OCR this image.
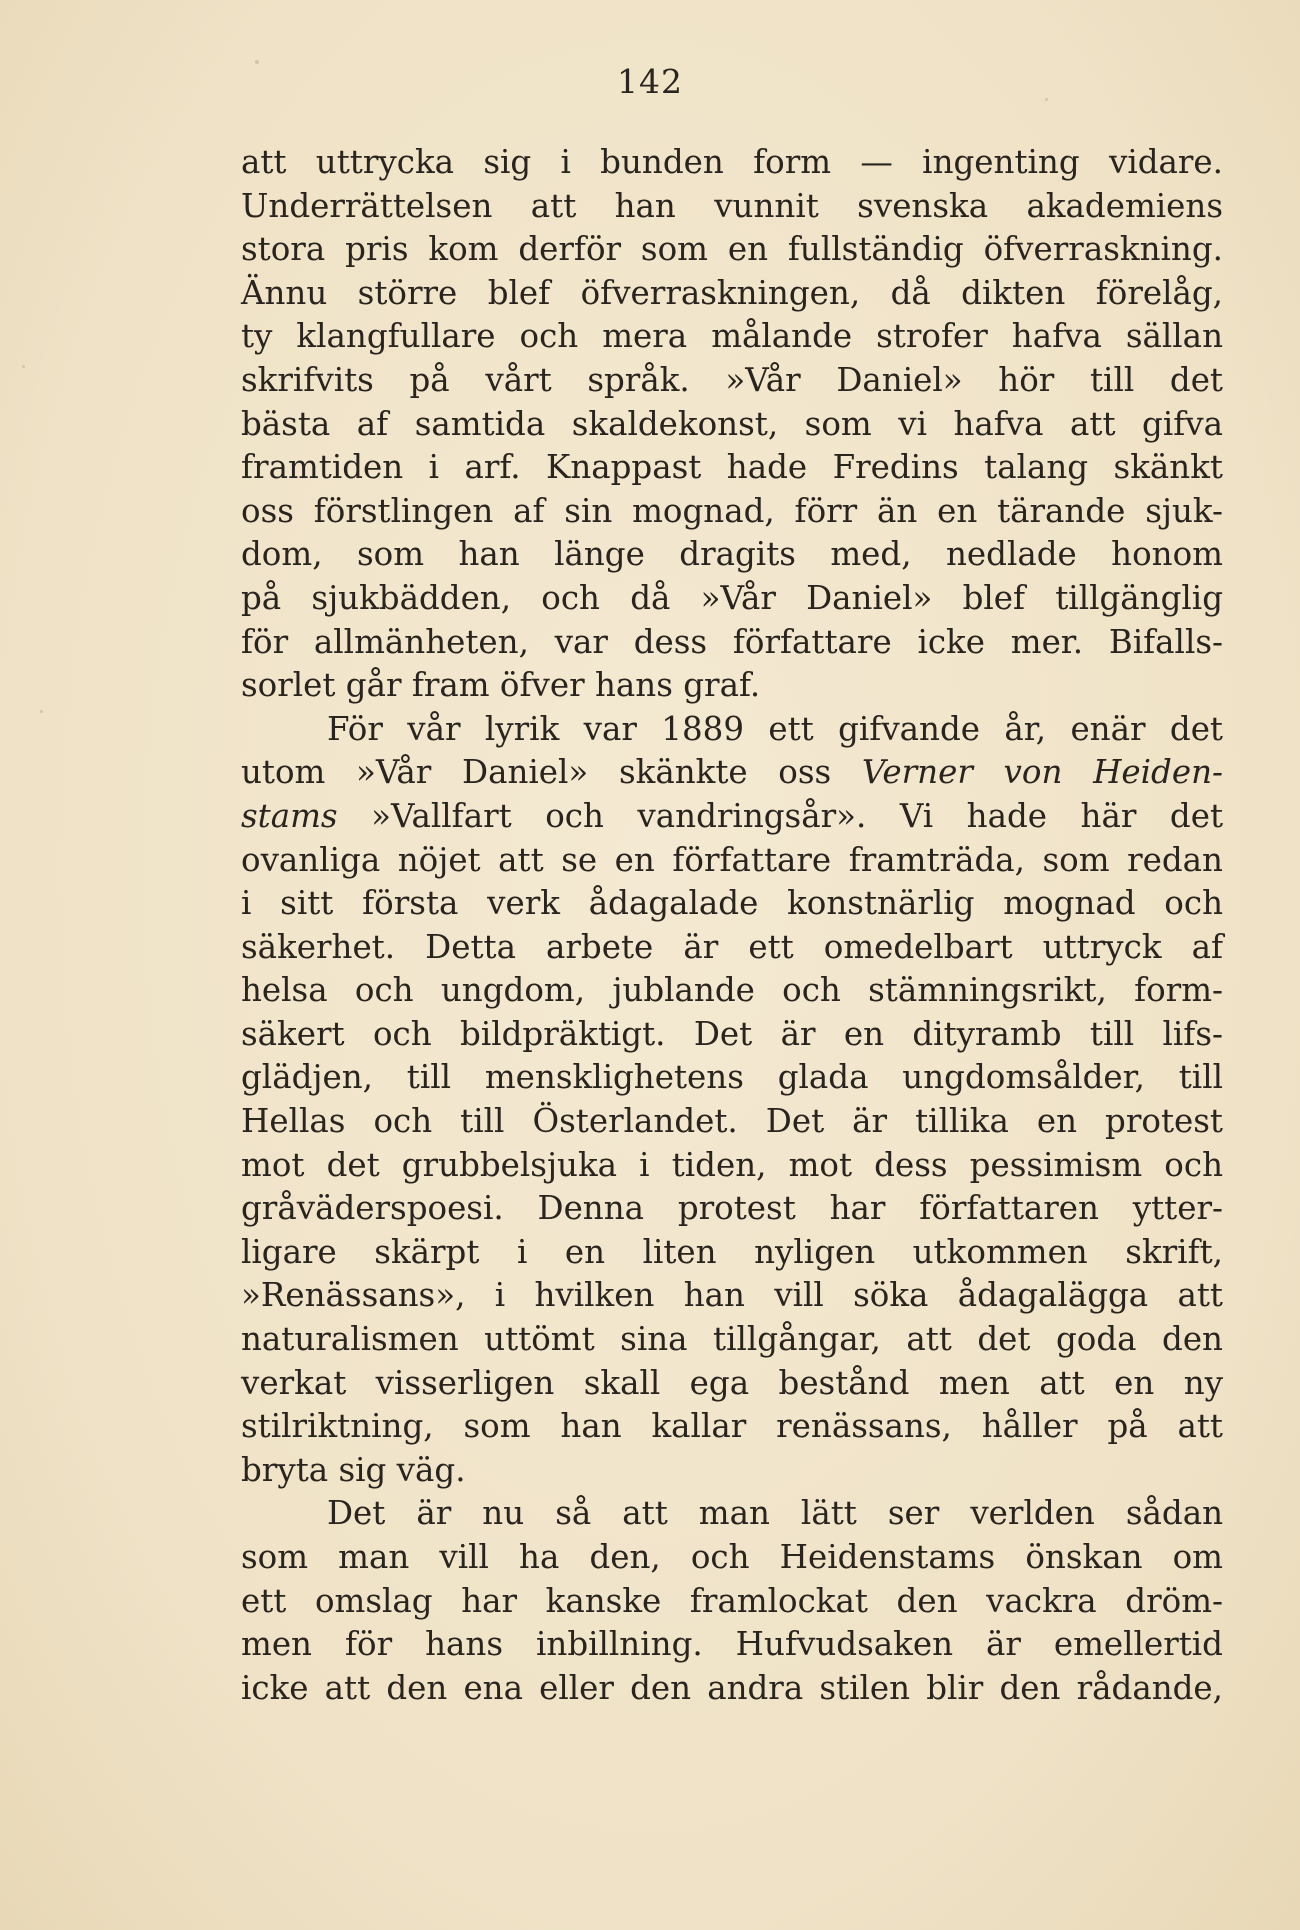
142
att uttrycka sig i bunden form — ingenting vidare.
Underrättelsen att han vunnit svenska akademiens
stora pris kom derför som en fullständig öfverraskning.
Ännu större blef öfverraskningen, då dikten förelåg,
ty klangfullare och mera målande strofer hafva sällan
skrifvits på vårt språk. »Vår Daniel» hör till det
bästa af samtida skaldekonst, som vi hafva att gifva
framtiden i arf. Knappast hade Fredins talang skänkt
oss förstlingen af sin mognad, förr än en tärande sjuk-
dom, som han länge dragits med, nedlade honom
på sjukbädden, och då »Vår Daniel» blef tillgänglig
för allmänheten, var dess författare icke mer. Bifalls-
sorlet går fram öfver hans graf.
För vår lyrik var 1889 ett gifvande år, enär det
utom »Vår Daniel» skänkte oss Verner von Heiden-
stams »Vallfart och vandringsår». Vi hade här det
ovanliga nöjet att se en författare framträda, som redan
i sitt första verk ådagalade konstnärlig mognad och
säkerhet. Detta arbete är ett omedelbart uttryck af
helsa och ungdom, jublande och stämningsrikt, form-
säkert och bildpräktigt. Det är en dityramb till lifs-
glädjen, till mensklighetens glada ungdomsålder, till
Hellas och till Österlandet. Det är tillika en protest
mot det grubbelsjuka i tiden, mot dess pessimism och
gråväderspoesi. Denna protest har författaren ytter-
ligare skärpt i en liten nyligen utkommen skrift,
»Renässans», i hvilken han vill söka ådagalägga att
naturalismen uttömt sina tillgångar, att det goda den
verkat visserligen skall ega bestånd men att en ny
stilriktning, som han kallar renässans, håller på att
bryta sig väg.
Det är nu så att man lätt ser verlden sådan
som man vill ha den, och Heidenstams önskan om
ett omslag har kanske framlockat den vackra dröm-
men för hans inbillning. Hufvudsaken är emellertid
icke att den ena eller den andra stilen blir den rådande,
